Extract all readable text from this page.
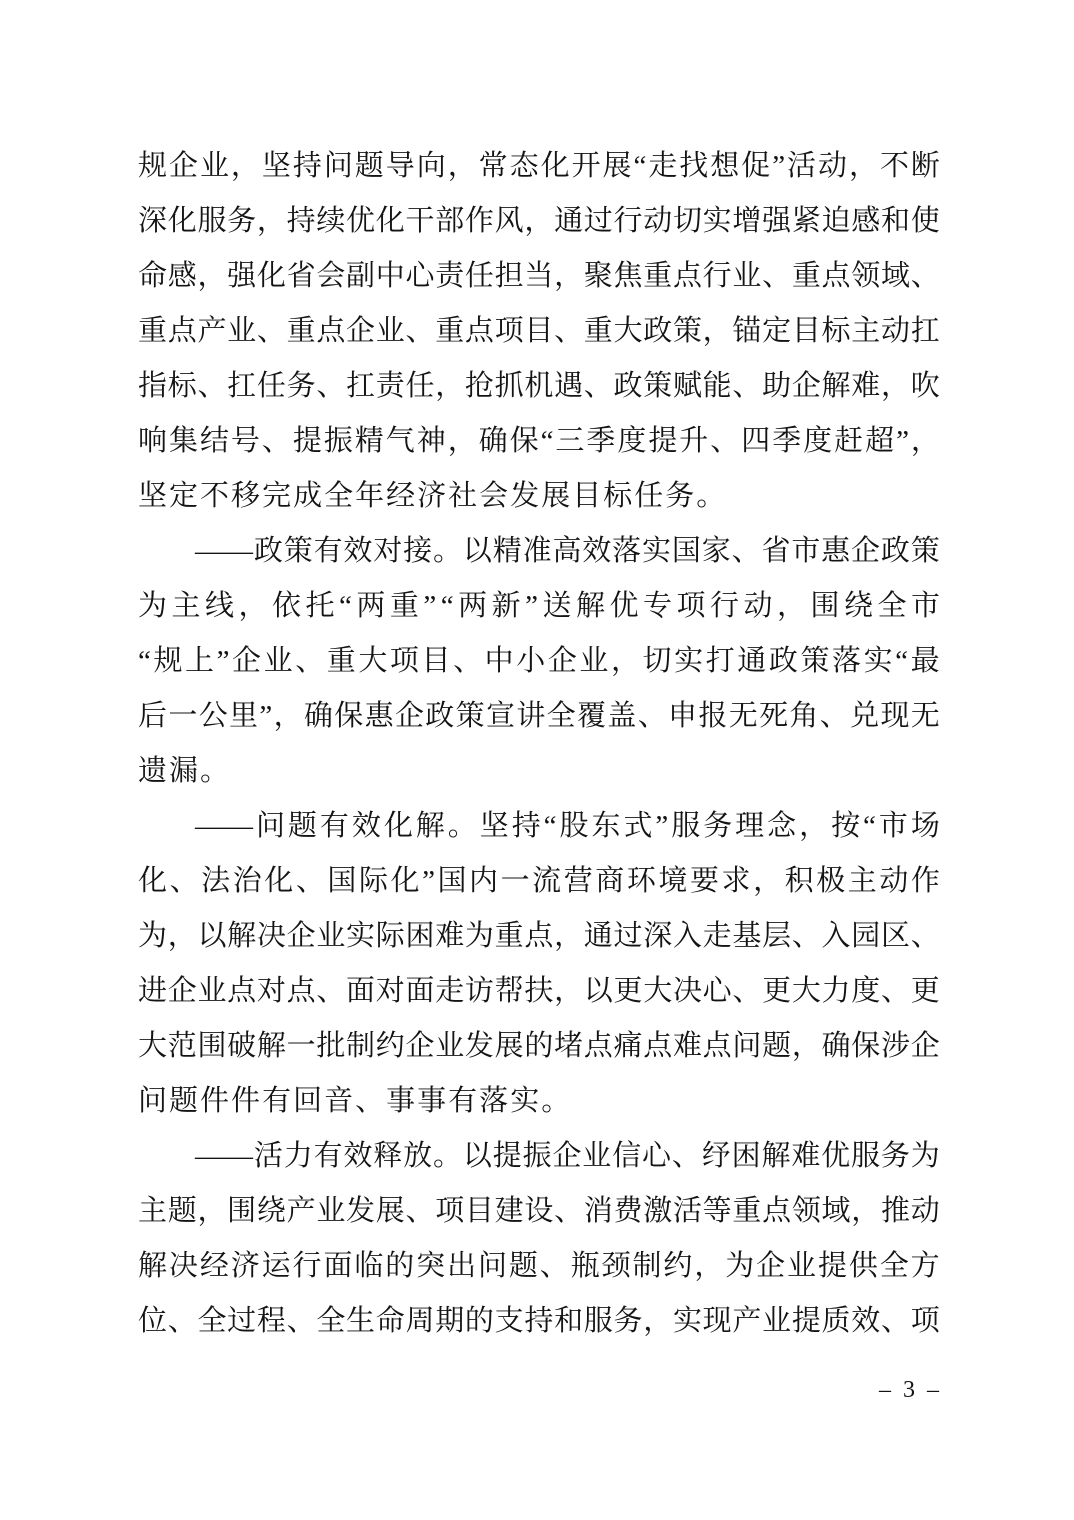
规 企 业 ， 坚 持 问 题 导 向 ， 常 态 化 开 展 “ 走 找 想 促 ” 活 动 ， 不 断
深 化 服 务 ， 持 续 优 化 干 部 作 风 ， 通 过 行 动 切 实 增 强 紧 迫 感 和 使
命 感 ， 强 化 省 会 副 中 心 责 任 担 当 ， 聚 焦 重 点 行 业 、 重 点 领 域 、
重 点 产 业 、 重 点 企 业 、 重 点 项 目 、 重 大 政 策 ， 锚 定 目 标 主 动 扛
指 标 、 扛 任 务 、 扛 责 任 ， 抢 抓 机 遇 、 政 策 赋 能 、 助 企 解 难 ， 吹
响 集 结 号 、 提 振 精 气 神 ， 确 保 “ 三 季 度 提 升 、 四 季 度 赶 超 ” ，
坚 定 不 移 完 成 全 年 经 济 社 会 发 展 目 标 任 务 。
—— 政 策 有 效 对 接 。 以 精 准 高 效 落 实 国 家 、 省 市 惠 企 政 策
为 主 线 ， 依 托 “ 两 重 ” “ 两 新 ” 送 解 优 专 项 行 动 ， 围 绕 全 市
“ 规 上 ” 企 业 、 重 大 项 目 、 中 小 企 业 ， 切 实 打 通 政 策 落 实 “ 最
后 一 公 里 ” ， 确 保 惠 企 政 策 宣 讲 全 覆 盖 、 申 报 无 死 角 、 兑 现 无
遗 漏 。
—— 问 题 有 效 化 解 。 坚 持 “ 股 东 式 ” 服 务 理 念 ， 按 “ 市 场
化 、 法 治 化 、 国 际 化 ” 国 内 一 流 营 商 环 境 要 求 ， 积 极 主 动 作
为 ， 以 解 决 企 业 实 际 困 难 为 重 点 ， 通 过 深 入 走 基 层 、 入 园 区 、
进 企 业 点 对 点 、 面 对 面 走 访 帮 扶 ， 以 更 大 决 心 、 更 大 力 度 、 更
大 范 围 破 解 一 批 制 约 企 业 发 展 的 堵 点 痛 点 难 点 问 题 ， 确 保 涉 企
问 题 件 件 有 回 音 、 事 事 有 落 实 。
—— 活 力 有 效 释 放 。 以 提 振 企 业 信 心 、 纾 困 解 难 优 服 务 为
主 题 ， 围 绕 产 业 发 展 、 项 目 建 设 、 消 费 激 活 等 重 点 领 域 ， 推 动
解 决 经 济 运 行 面 临 的 突 出 问 题 、 瓶 颈 制 约 ， 为 企 业 提 供 全 方
位 、 全 过 程 、 全 生 命 周 期 的 支 持 和 服 务 ， 实 现 产 业 提 质 效 、 项
– 3 –
